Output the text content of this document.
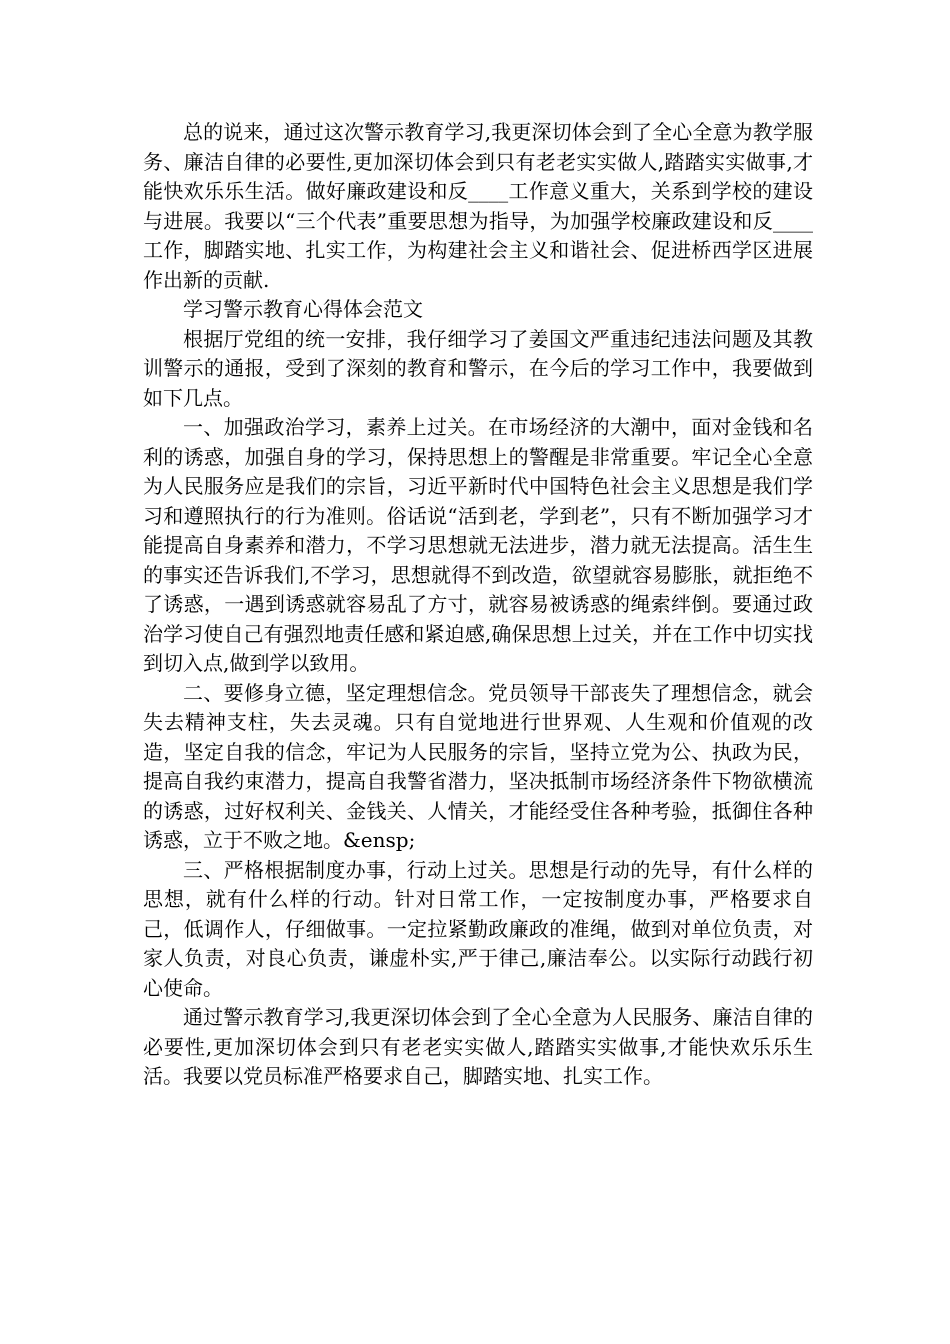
总的说来，通过这次警示教育学习,我更深切体会到了全心全意为教学服务、廉洁自律的必要性,更加深切体会到只有老老实实做人,踏踏实实做事,才能快欢乐乐生活。做好廉政建设和反____工作意义重大，关系到学校的建设与进展。我要以“三个代表”重要思想为指导，为加强学校廉政建设和反____工作，脚踏实地、扎实工作，为构建社会主义和谐社会、促进桥西学区进展作出新的贡献.

学习警示教育心得体会范文

根据厅党组的统一安排，我仔细学习了姜国文严重违纪违法问题及其教训警示的通报，受到了深刻的教育和警示，在今后的学习工作中，我要做到如下几点。

一、加强政治学习，素养上过关。在市场经济的大潮中，面对金钱和名利的诱惑，加强自身的学习，保持思想上的警醒是非常重要。牢记全心全意为人民服务应是我们的宗旨，习近平新时代中国特色社会主义思想是我们学习和遵照执行的行为准则。俗话说“活到老，学到老”，只有不断加强学习才能提高自身素养和潜力，不学习思想就无法进步，潜力就无法提高。活生生的事实还告诉我们,不学习，思想就得不到改造，欲望就容易膨胀，就拒绝不了诱惑，一遇到诱惑就容易乱了方寸，就容易被诱惑的绳索绊倒。要通过政治学习使自己有强烈地责任感和紧迫感,确保思想上过关，并在工作中切实找到切入点,做到学以致用。

二、要修身立德，坚定理想信念。党员领导干部丧失了理想信念，就会失去精神支柱，失去灵魂。只有自觉地进行世界观、人生观和价值观的改造，坚定自我的信念，牢记为人民服务的宗旨，坚持立党为公、执政为民，提高自我约束潜力，提高自我警省潜力，坚决抵制市场经济条件下物欲横流的诱惑，过好权利关、金钱关、人情关，才能经受住各种考验，抵御住各种诱惑，立于不败之地。&ensp;

三、严格根据制度办事，行动上过关。思想是行动的先导，有什么样的思想，就有什么样的行动。针对日常工作，一定按制度办事，严格要求自己，低调作人，仔细做事。一定拉紧勤政廉政的准绳，做到对单位负责，对家人负责，对良心负责，谦虚朴实,严于律己,廉洁奉公。以实际行动践行初心使命。

通过警示教育学习,我更深切体会到了全心全意为人民服务、廉洁自律的必要性,更加深切体会到只有老老实实做人,踏踏实实做事,才能快欢乐乐生活。我要以党员标准严格要求自己，脚踏实地、扎实工作。
